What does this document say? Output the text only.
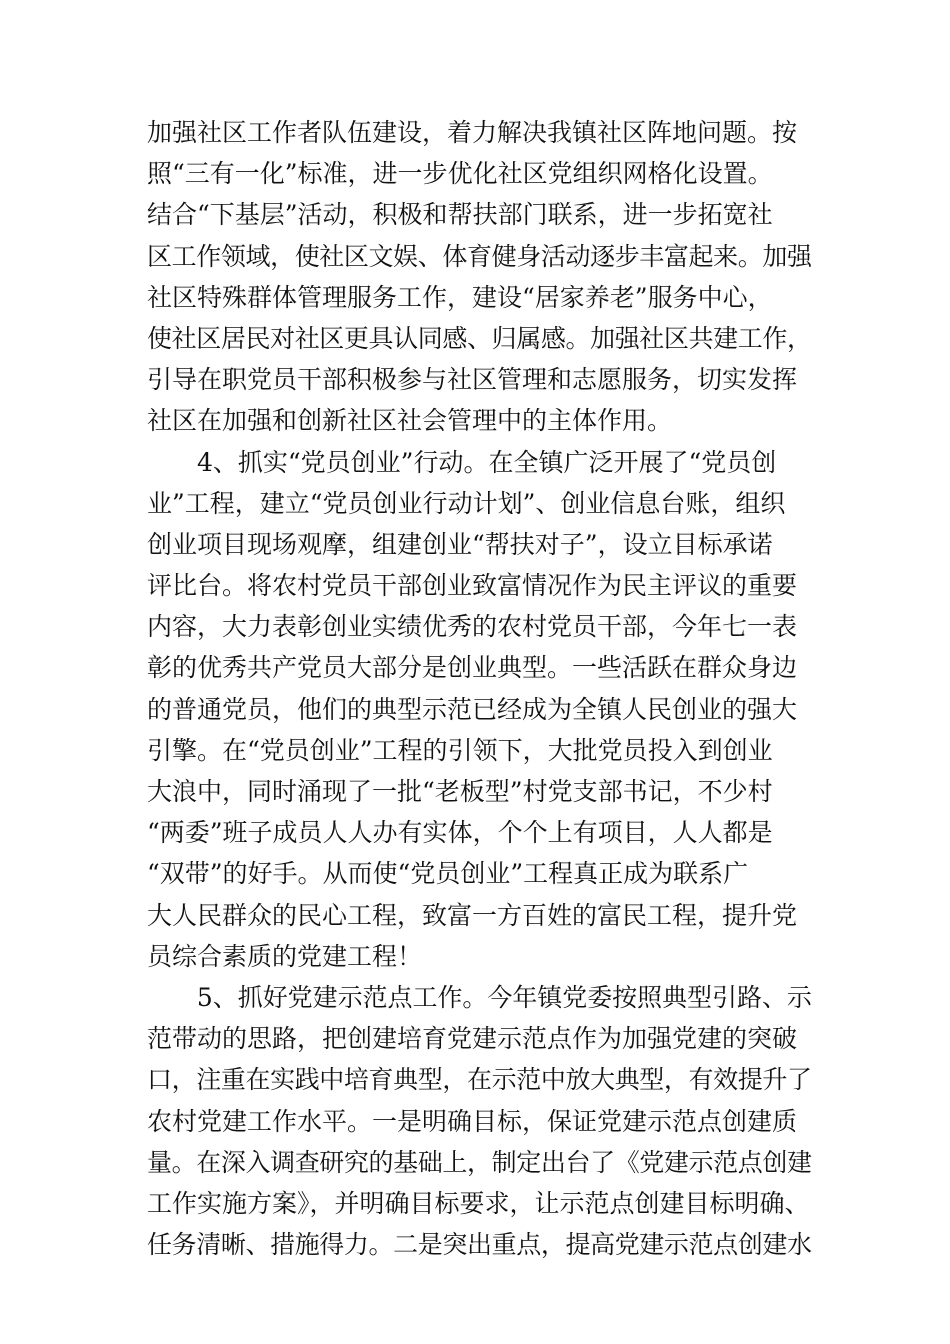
加强社区工作者队伍建设，着力解决我镇社区阵地问题。按
照“三有一化”标准，进一步优化社区党组织网格化设置。
结合“下基层”活动，积极和帮扶部门联系，进一步拓宽社
区工作领域，使社区文娱、体育健身活动逐步丰富起来。加强
社区特殊群体管理服务工作，建设“居家养老”服务中心，
使社区居民对社区更具认同感、归属感。加强社区共建工作，
引导在职党员干部积极参与社区管理和志愿服务，切实发挥
社区在加强和创新社区社会管理中的主体作用。
　　4、抓实“党员创业”行动。在全镇广泛开展了“党员创
业”工程，建立“党员创业行动计划”、创业信息台账，组织
创业项目现场观摩，组建创业“帮扶对子”，设立目标承诺
评比台。将农村党员干部创业致富情况作为民主评议的重要
内容，大力表彰创业实绩优秀的农村党员干部，今年七一表
彰的优秀共产党员大部分是创业典型。一些活跃在群众身边
的普通党员，他们的典型示范已经成为全镇人民创业的强大
引擎。在“党员创业”工程的引领下，大批党员投入到创业
大浪中，同时涌现了一批“老板型”村党支部书记，不少村
“两委”班子成员人人办有实体，个个上有项目，人人都是
“双带”的好手。从而使“党员创业”工程真正成为联系广
大人民群众的民心工程，致富一方百姓的富民工程，提升党
员综合素质的党建工程！
　　5、抓好党建示范点工作。今年镇党委按照典型引路、示
范带动的思路，把创建培育党建示范点作为加强党建的突破
口，注重在实践中培育典型，在示范中放大典型，有效提升了
农村党建工作水平。一是明确目标，保证党建示范点创建质
量。在深入调查研究的基础上，制定出台了《党建示范点创建
工作实施方案》，并明确目标要求，让示范点创建目标明确、
任务清晰、措施得力。二是突出重点，提高党建示范点创建水
